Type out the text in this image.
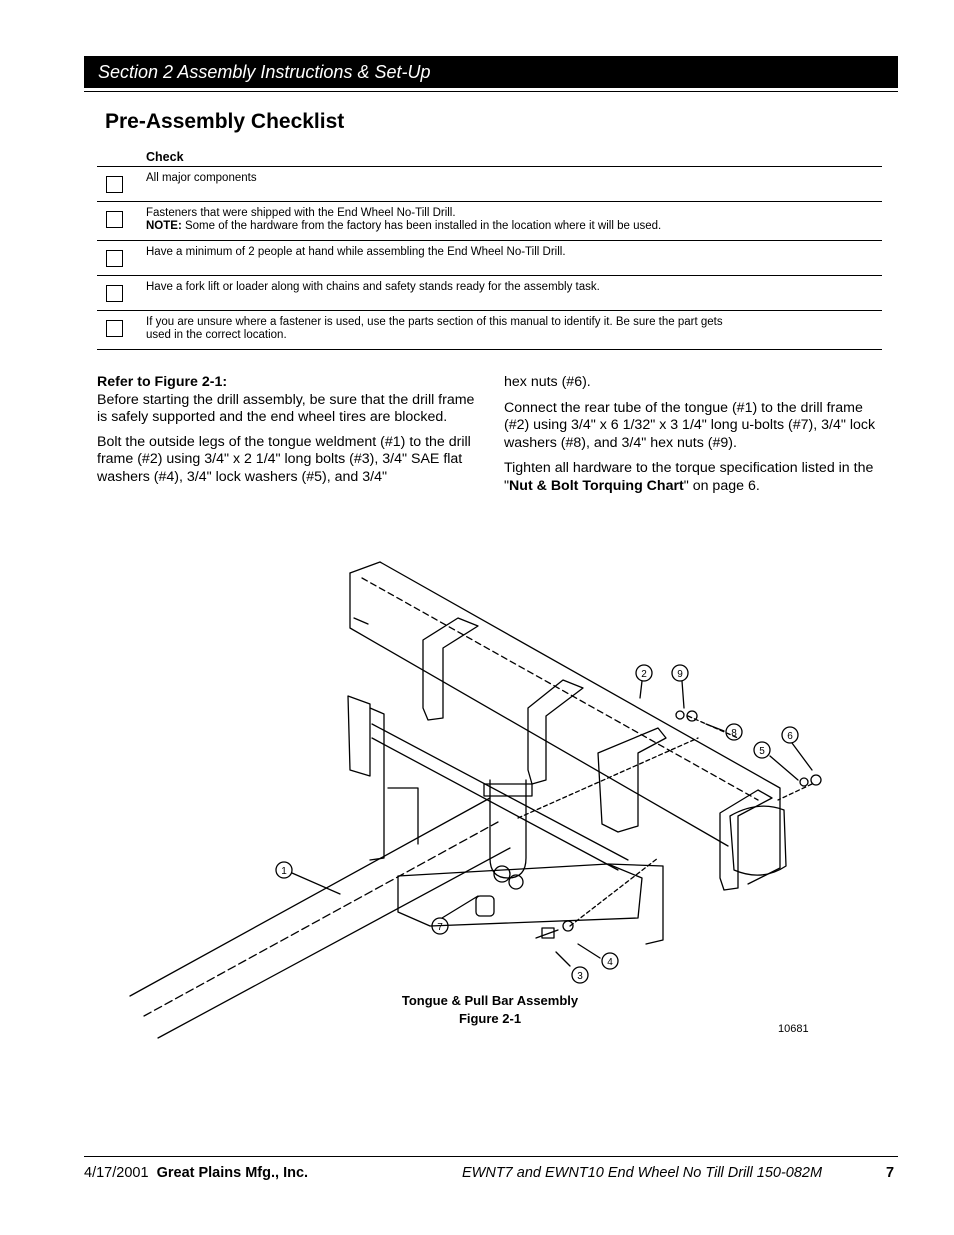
Section 2 Assembly Instructions & Set-Up
Pre-Assembly Checklist
Check
All major components
Fasteners that were shipped with the End Wheel No-Till Drill.
NOTE: Some of the hardware from the factory has been installed in the location where it will be used.
Have a minimum of 2 people at hand while assembling the End Wheel No-Till Drill.
Have a fork lift or loader along with chains and safety stands ready for the assembly task.
If you are unsure where a fastener is used, use the parts section of this manual to identify it. Be sure the part gets
used in the correct location.

Refer to Figure 2-1:

Before starting the drill assembly, be sure that the drill frame is safely supported and the end wheel tires are blocked.

Bolt the outside legs of the tongue weldment (#1) to the drill frame (#2) using 3/4" x 2 1/4" long bolts (#3), 3/4" SAE flat washers (#4), 3/4" lock washers (#5), and 3/4"

hex nuts (#6).

Connect the rear tube of the tongue (#1) to the drill frame (#2) using 3/4" x 6 1/32" x 3 1/4" long u-bolts (#7), 3/4" lock washers (#8), and 3/4" hex nuts (#9).

Tighten all hardware to the torque specification listed in the "Nut & Bolt Torquing Chart" on page 6.

1
2
3
4
5
6
7
8
9
Tongue & Pull Bar Assembly
Figure 2-1
10681
4/17/2001 Great Plains Mfg., Inc.	EWNT7 and EWNT10 End Wheel No Till Drill 150-082M	7
